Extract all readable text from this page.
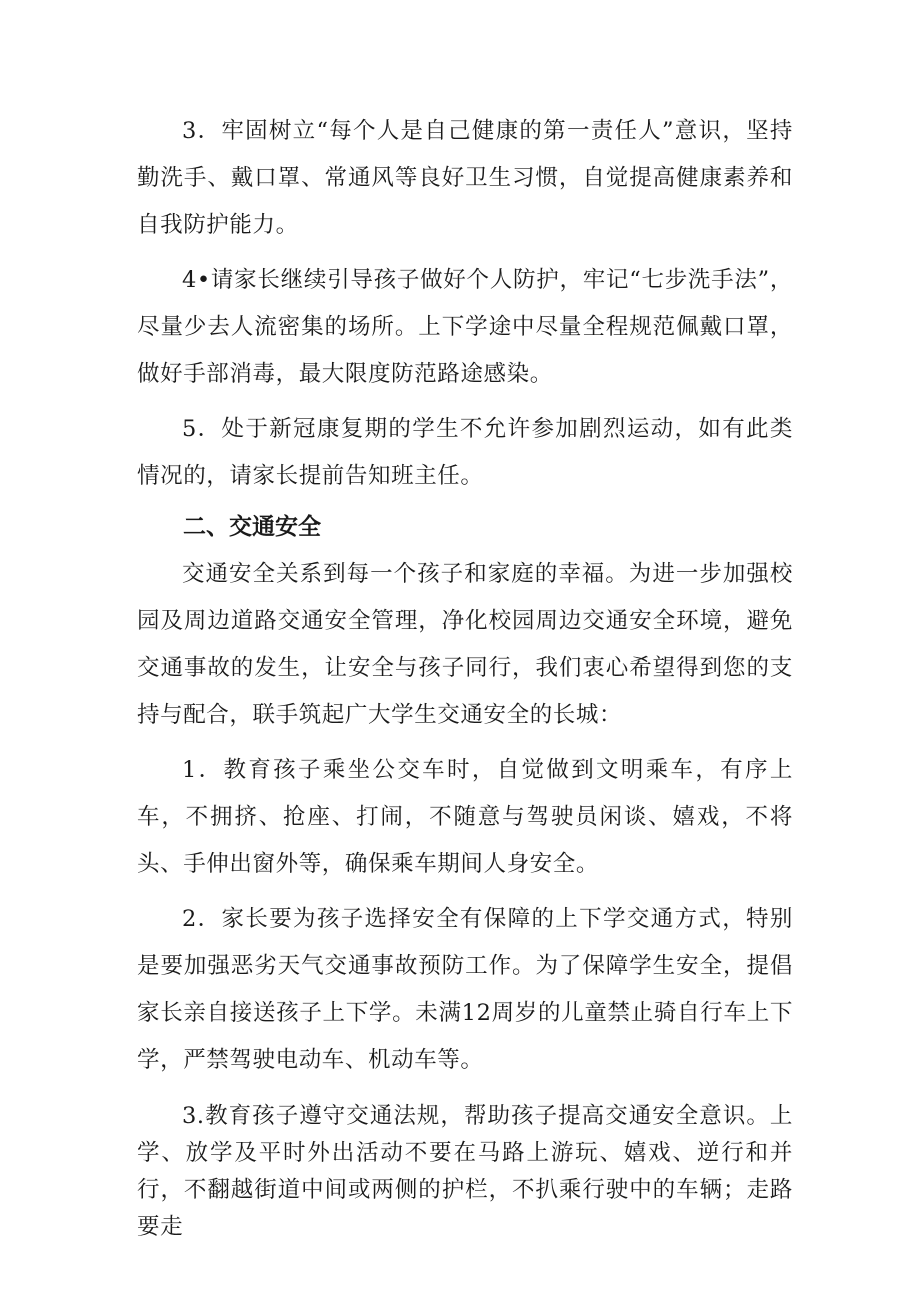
3．牢固树立“每个人是自己健康的第一责任人”意识，坚持勤洗手、戴口罩、常通风等良好卫生习惯，自觉提高健康素养和自我防护能力。

4•请家长继续引导孩子做好个人防护，牢记“七步洗手法”，尽量少去人流密集的场所。上下学途中尽量全程规范佩戴口罩，做好手部消毒，最大限度防范路途感染。

5．处于新冠康复期的学生不允许参加剧烈运动，如有此类情况的，请家长提前告知班主任。

二、交通安全

交通安全关系到每一个孩子和家庭的幸福。为进一步加强校园及周边道路交通安全管理，净化校园周边交通安全环境，避免交通事故的发生，让安全与孩子同行，我们衷心希望得到您的支持与配合，联手筑起广大学生交通安全的长城：

1．教育孩子乘坐公交车时，自觉做到文明乘车，有序上车，不拥挤、抢座、打闹，不随意与驾驶员闲谈、嬉戏，不将头、手伸出窗外等，确保乘车期间人身安全。

2．家长要为孩子选择安全有保障的上下学交通方式，特别是要加强恶劣天气交通事故预防工作。为了保障学生安全，提倡家长亲自接送孩子上下学。未满12周岁的儿童禁止骑自行车上下学，严禁驾驶电动车、机动车等。

3.教育孩子遵守交通法规，帮助孩子提高交通安全意识。上学、放学及平时外出活动不要在马路上游玩、嬉戏、逆行和并行，不翻越街道中间或两侧的护栏，不扒乘行驶中的车辆；走路要走
